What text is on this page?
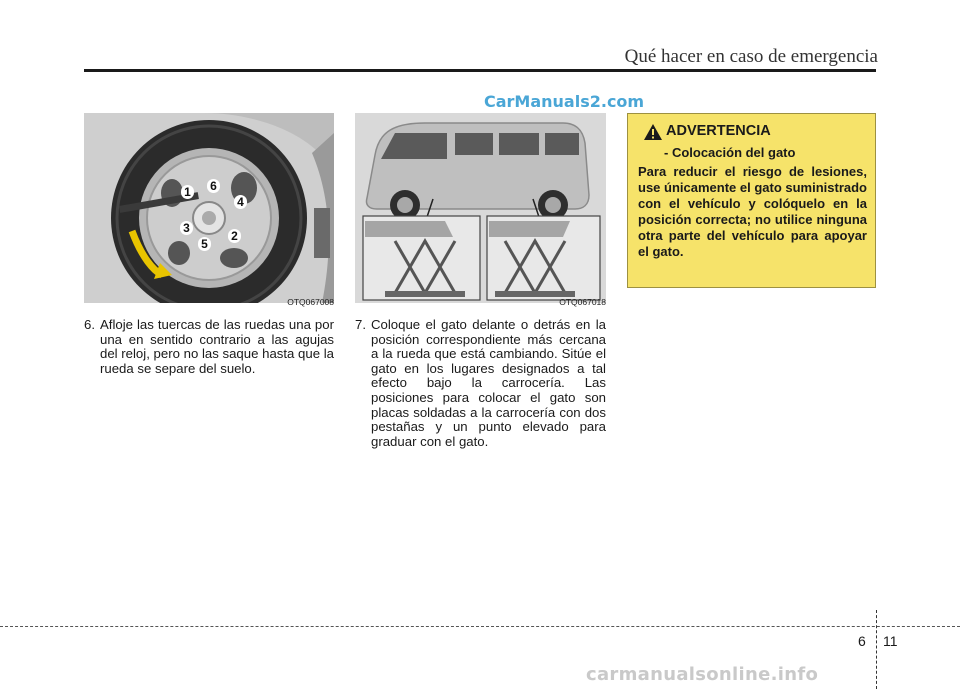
Qué hacer en caso de emergencia
CarManuals2.com
1
2
3
4
5
6
OTQ067008	OTQ067018
6. Afloje las tuercas de las ruedas una por una en sentido contrario a las agujas del reloj, pero no las saque hasta que la rueda se separe del suelo.
7. Coloque el gato delante o detrás en la posición correspondiente más cercana a la rueda que está cambiando. Sitúe el gato en los lugares designados a tal efecto bajo la carrocería. Las posiciones para colocar el gato son placas soldadas a la carrocería con dos pestañas y un punto elevado para graduar con el gato.
ADVERTENCIA
- Colocación del gato
Para reducir el riesgo de lesiones, use únicamente el gato suministrado con el vehículo y colóquelo en la posición correcta; no utilice ninguna otra parte del vehículo para apoyar el gato.
6 11
carmanualsonline.info
